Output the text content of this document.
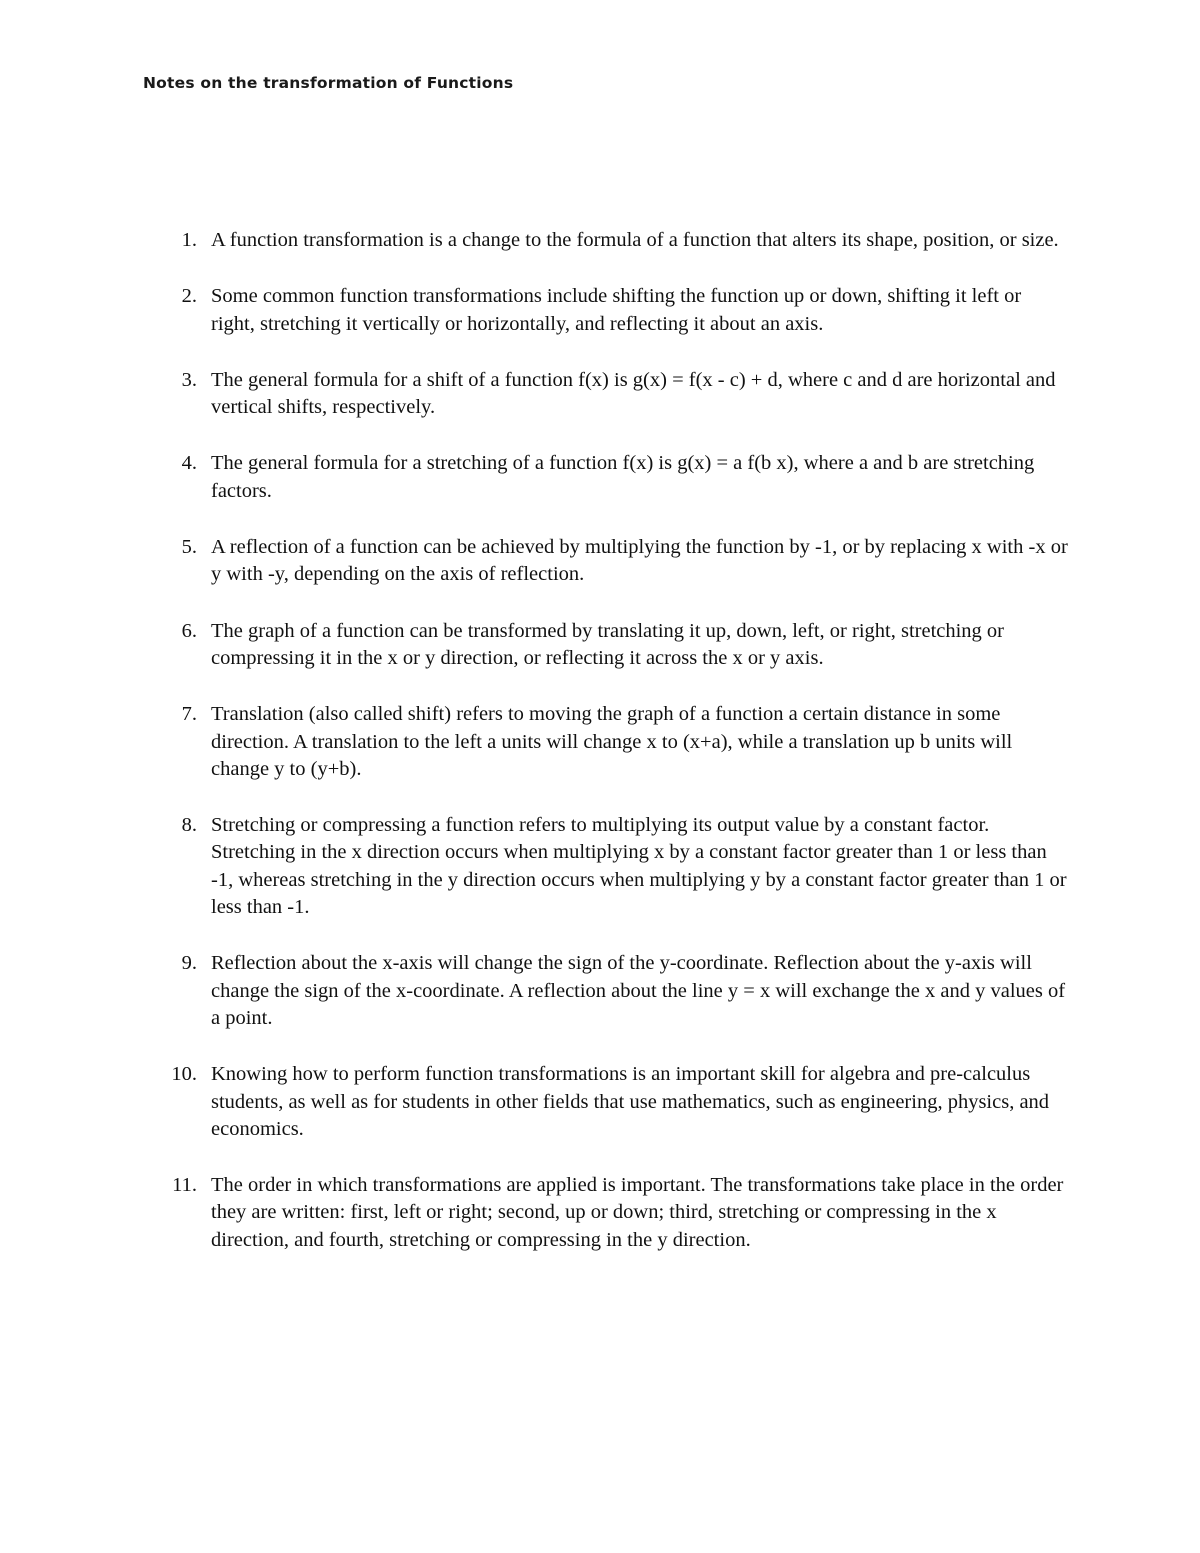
Notes on the transformation of Functions
1. A function transformation is a change to the formula of a function that alters its shape, position, or size.
2. Some common function transformations include shifting the function up or down, shifting it left or right, stretching it vertically or horizontally, and reflecting it about an axis.
3. The general formula for a shift of a function f(x) is g(x) = f(x - c) + d, where c and d are horizontal and vertical shifts, respectively.
4. The general formula for a stretching of a function f(x) is g(x) = a f(b x), where a and b are stretching factors.
5. A reflection of a function can be achieved by multiplying the function by -1, or by replacing x with -x or y with -y, depending on the axis of reflection.
6. The graph of a function can be transformed by translating it up, down, left, or right, stretching or compressing it in the x or y direction, or reflecting it across the x or y axis.
7. Translation (also called shift) refers to moving the graph of a function a certain distance in some direction. A translation to the left a units will change x to (x+a), while a translation up b units will change y to (y+b).
8. Stretching or compressing a function refers to multiplying its output value by a constant factor. Stretching in the x direction occurs when multiplying x by a constant factor greater than 1 or less than -1, whereas stretching in the y direction occurs when multiplying y by a constant factor greater than 1 or less than -1.
9. Reflection about the x-axis will change the sign of the y-coordinate. Reflection about the y-axis will change the sign of the x-coordinate. A reflection about the line y = x will exchange the x and y values of a point.
10. Knowing how to perform function transformations is an important skill for algebra and pre-calculus students, as well as for students in other fields that use mathematics, such as engineering, physics, and economics.
11. The order in which transformations are applied is important. The transformations take place in the order they are written: first, left or right; second, up or down; third, stretching or compressing in the x direction, and fourth, stretching or compressing in the y direction.
